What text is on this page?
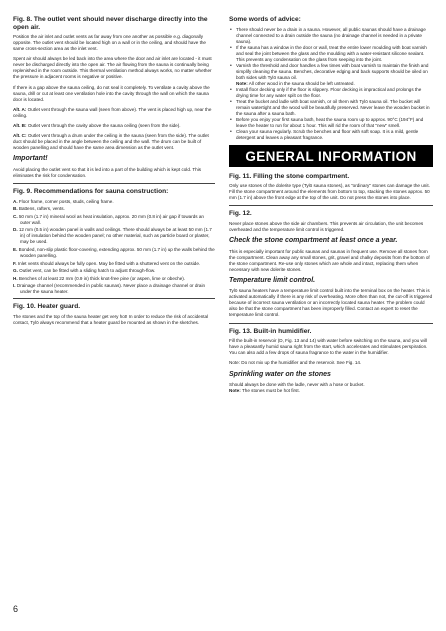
Fig. 8. The outlet vent should never discharge directly into the open air.

Position the air inlet and outlet vents as far away from one another as possible e.g. diagonally opposite. The outlet vent should be located high on a wall or in the ceiling, and should have the same cross-section area as the inlet vent.

Spent air should always be led back into the area where the door and air inlet are located - it must never be discharged directly into the open air. The air flowing from the sauna is continually being replenished in the room outside. This thermal ventilation method always works, no matter whether the pressure in adjacent rooms is negative or positive.

If there is a gap above the sauna ceiling, do not seal it completely. To ventilate a cavity above the sauna, drill or cut at least one ventilation hole into the cavity through the wall on which the sauna door is located.

Alt. A: Outlet vent through the sauna wall (seen from above). The vent is placed high up, near the ceiling.

Alt. B: Outlet vent through the cavity above the sauna ceiling (seen from the side).

Alt. C: Outlet vent through a drum under the ceiling in the sauna (seen from the side). The outlet duct should be placed in the angle between the ceiling and the wall. The drum can be built of wooden panelling and should have the same area dimension as the outlet vent.

Important!

Avoid placing the outlet vent so that it is led into a part of the building which is kept cold. This eliminates the risk for condensation.

Fig. 9. Recommendations for sauna construction:
A. Floor frame, corner posts, studs, ceiling frame.
B. Battens, rafters, vents.
C. 50 mm (1.7 in) mineral wool as heat insulation, approx. 20 mm (0.8 in) air gap if towards an outer wall.
D. 12 mm (0.5 in) wooden panel in walls and ceilings. There should always be at least 50 mm (1.7 in) of insulation behind the wooden panel; no other material, such as particle board or plaster, may be used.
E. Bonded, non-slip plastic floor-covering, extending approx. 50 mm (1.7 in) up the walls behind the wooden panelling.
F. Inlet vents should always be fully open. May be fitted with a shuttered vent on the outside.
G. Outlet vent, can be fitted with a sliding hatch to adjust through-flow.
H. Benches of at least 22 mm (0.9 in) thick knot-free pine (or aspen, lime or obeche).
I. Drainage channel (recommended in public saunas). Never place a drainage channel or drain under the sauna heater.
Fig. 10. Heater guard.

The stones and the top of the sauna heater get very hot! In order to reduce the risk of accidental contact, Tylö always recommend that a heater guard be mounted as shown in the sketches.

Some words of advice:
• There should never be a drain in a sauna. However, all public saunas should have a drainage channel connected to a drain outside the sauna (no drainage channel is needed in a private sauna).
• If the sauna has a window in the door or wall, treat the entire lower moulding with boat varnish and seal the joint between the glass and the moulding with a water-resistant silicone sealant. This prevents any condensation on the glass from seeping into the joint.
• Varnish the threshold and door handles a few times with boat varnish to maintain the finish and simplify cleaning the sauna. Benches, decorative edging and back supports should be oiled on both sides with Tylö sauna oil.
Note: All other wood in the sauna should be left untreated.
• Install floor decking only if the floor is slippery. Floor decking is impractical and prolongs the drying time for any water spilt on the floor.
• Treat the bucket and ladle with boat varnish, or oil them with Tylö sauna oil. The bucket will remain watertight and the wood will be beautifully preserved. Never leave the wooden bucket in the sauna after a sauna bath.
• Before you enjoy your first sauna bath, heat the sauna room up to approx. 90°C (194°F) and leave the heater to run for about 1 hour. This will rid the room of that "new" smell.
• Clean your sauna regularly. Scrub the benches and floor with soft soap. It is a mild, gentle detergent and leaves a pleasant fragrance.
GENERAL INFORMATION
Fig. 11. Filling the stone compartment.

Only use stones of the dolerite type (Tylö sauna stones), as "ordinary" stones can damage the unit. Fill the stone compartment around the elements from bottom to top, stacking the stones approx. 50 mm (1.7 in) above the front edge at the top of the unit. Do not press the stones into place.

Fig. 12.

Never place stones above the side air chambers. This prevents air circulation, the unit becomes overheated and the temperature limit control is triggered.

Check the stone compartment at least once a year.

This is especially important for public saunas and saunas in frequent use. Remove all stones from the compartment. Clean away any small stones, grit, gravel and chalky deposits from the bottom of the stone compartment. Re-use only stones which are whole and intact, replacing them when necessary with new dolerite stones.

Temperature limit control.

Tylö sauna heaters have a temperature limit control built into the terminal box on the heater. This is activated automatically if there is any risk of overheating. More often than not, the cut-off is triggered because of incorrect sauna ventilation or an incorrectly located sauna heater. The problem could also be that the stone compartment has been improperly filled. Contact an expert to reset the temperature limit control.

Fig. 13. Built-in humidifier.

Fill the built-in reservoir (D, Fig. 13 and 14) with water before switching on the sauna, and you will have a pleasantly humid sauna right from the start, which accelerates and stimulates perspiration. You can also add a few drops of sauna fragrance to the water in the humidifier.

Note: Do not mix up the humidifier and the reservoir. See Fig. 14.

Sprinkling water on the stones

Should always be done with the ladle, never with a hose or bucket.
Note: The stones must be hot first.

6
